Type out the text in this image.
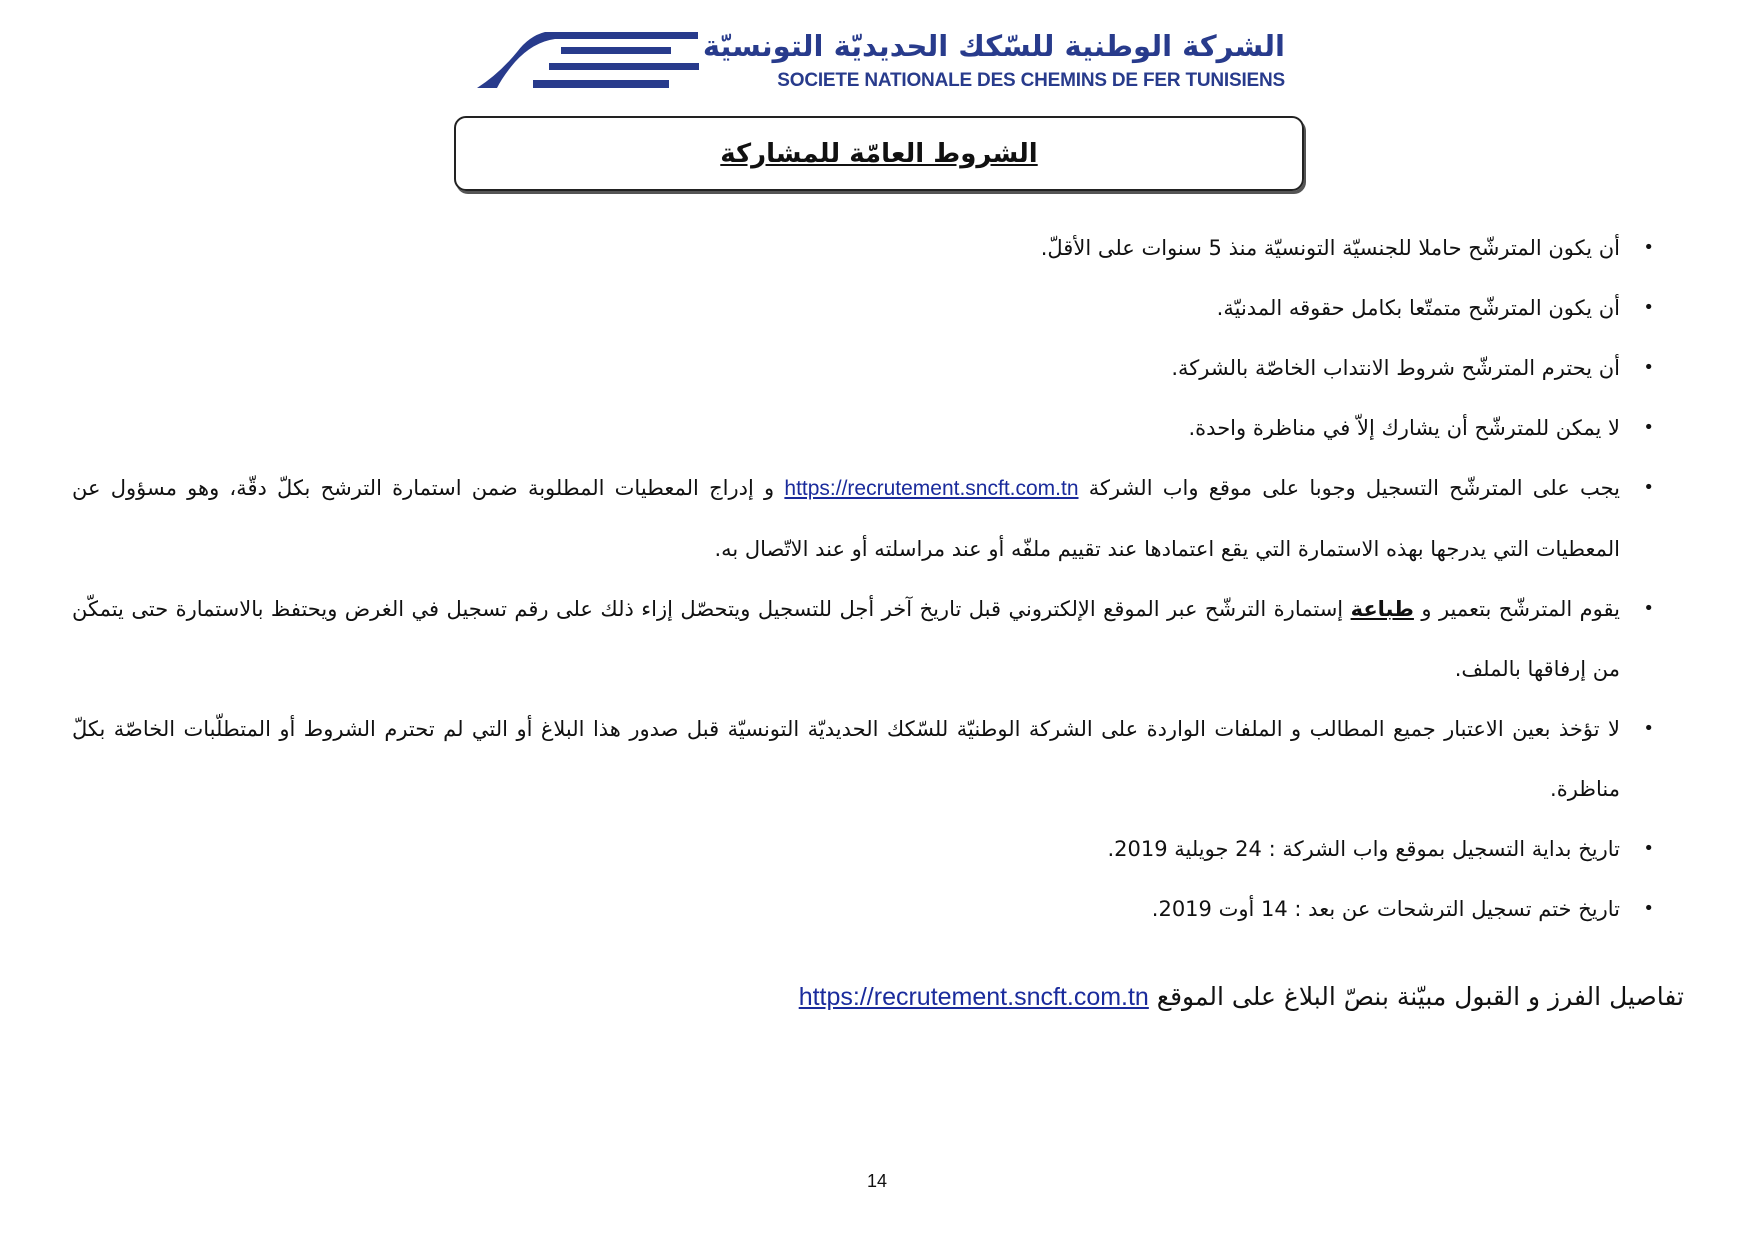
الشركة الوطنية للسّكك الحديديّة التونسيّة
SOCIETE NATIONALE DES CHEMINS DE FER TUNISIENS
الشروط العامّة للمشاركة
•
أن يكون المترشّح حاملا للجنسيّة التونسيّة منذ 5 سنوات على الأقلّ.
•
أن يكون المترشّح متمتّعا بكامل حقوقه المدنيّة.
•
أن يحترم المترشّح شروط الانتداب الخاصّة بالشركة.
•
لا يمكن للمترشّح أن يشارك إلاّ في مناظرة واحدة.
•
يجب على المترشّح التسجيل وجوبا على موقع واب الشركة https://recrutement.sncft.com.tn و إدراج المعطيات المطلوبة ضمن استمارة الترشح بكلّ دقّة، وهو مسؤول عن المعطيات التي يدرجها بهذه الاستمارة التي يقع اعتمادها عند تقييم ملفّه أو عند مراسلته أو عند الاتّصال به.
•
يقوم المترشّح بتعمير و طباعة إستمارة الترشّح عبر الموقع الإلكتروني قبل تاريخ آخر أجل للتسجيل ويتحصّل إزاء ذلك على رقم تسجيل في الغرض ويحتفظ بالاستمارة حتى يتمكّن من إرفاقها بالملف.
•
لا تؤخذ بعين الاعتبار جميع المطالب و الملفات الواردة على الشركة الوطنيّة للسّكك الحديديّة التونسيّة قبل صدور هذا البلاغ أو التي لم تحترم الشروط أو المتطلّبات الخاصّة بكلّ مناظرة.
•
تاريخ بداية التسجيل بموقع واب الشركة : 24 جويلية 2019.
•
تاريخ ختم تسجيل الترشحات عن بعد : 14 أوت 2019.
تفاصيل الفرز و القبول مبيّنة بنصّ البلاغ على الموقع https://recrutement.sncft.com.tn
14
